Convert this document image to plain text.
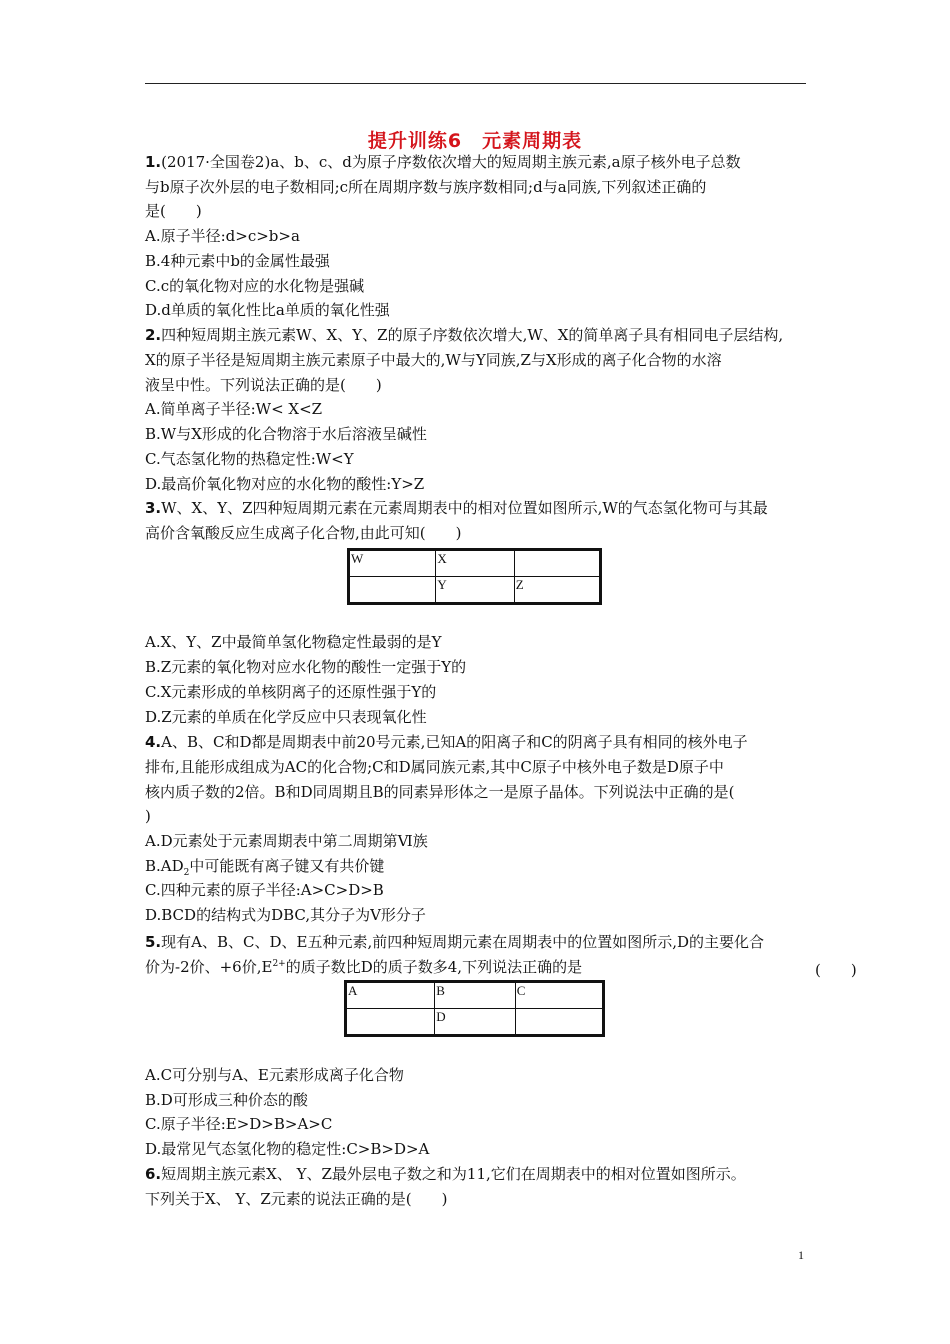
提升训练6　元素周期表
1.(2017·全国卷2)a、b、c、d为原子序数依次增大的短周期主族元素,a原子核外电子总数
与b原子次外层的电子数相同;c所在周期序数与族序数相同;d与a同族,下列叙述正确的
是(　　)
A.原子半径:d>c>b>a
B.4种元素中b的金属性最强
C.c的氧化物对应的水化物是强碱
D.d单质的氧化性比a单质的氧化性强
2.四种短周期主族元素W、X、Y、Z的原子序数依次增大,W、X的简单离子具有相同电子层结构,
X的原子半径是短周期主族元素原子中最大的,W与Y同族,Z与X形成的离子化合物的水溶
液呈中性。下列说法正确的是(　　)
A.简单离子半径:W< X<Z
B.W与X形成的化合物溶于水后溶液呈碱性
C.气态氢化物的热稳定性:W<Y
D.最高价氧化物对应的水化物的酸性:Y>Z
3.W、X、Y、Z四种短周期元素在元素周期表中的相对位置如图所示,W的气态氢化物可与其最
高价含氧酸反应生成离子化合物,由此可知(　　)
W	X	
	Y	Z
A.X、Y、Z中最简单氢化物稳定性最弱的是Y
B.Z元素的氧化物对应水化物的酸性一定强于Y的
C.X元素形成的单核阴离子的还原性强于Y的
D.Z元素的单质在化学反应中只表现氧化性
4.A、B、C和D都是周期表中前20号元素,已知A的阳离子和C的阴离子具有相同的核外电子
排布,且能形成组成为AC的化合物;C和D属同族元素,其中C原子中核外电子数是D原子中
核内质子数的2倍。B和D同周期且B的同素异形体之一是原子晶体。下列说法中正确的是(
)
A.D元素处于元素周期表中第二周期第Ⅵ族
$B.AD_2$中可能既有离子键又有共价键
C.四种元素的原子半径:A>C>D>B
D.BCD的结构式为DBC,其分子为V形分子
5.现有A、B、C、D、E五种元素,前四种短周期元素在周期表中的位置如图所示,D的主要化合
价为-2价、+6价$,E^{2+}$的质子数比D的质子数多4,下列说法正确的是	(　　)
A	B	C
	D	
A.C可分别与A、E元素形成离子化合物
B.D可形成三种价态的酸
C.原子半径:E>D>B>A>C
D.最常见气态氢化物的稳定性:C>B>D>A
6.短周期主族元素X、 Y、Z最外层电子数之和为11,它们在周期表中的相对位置如图所示。
下列关于X、 Y、Z元素的说法正确的是(　　)
1
